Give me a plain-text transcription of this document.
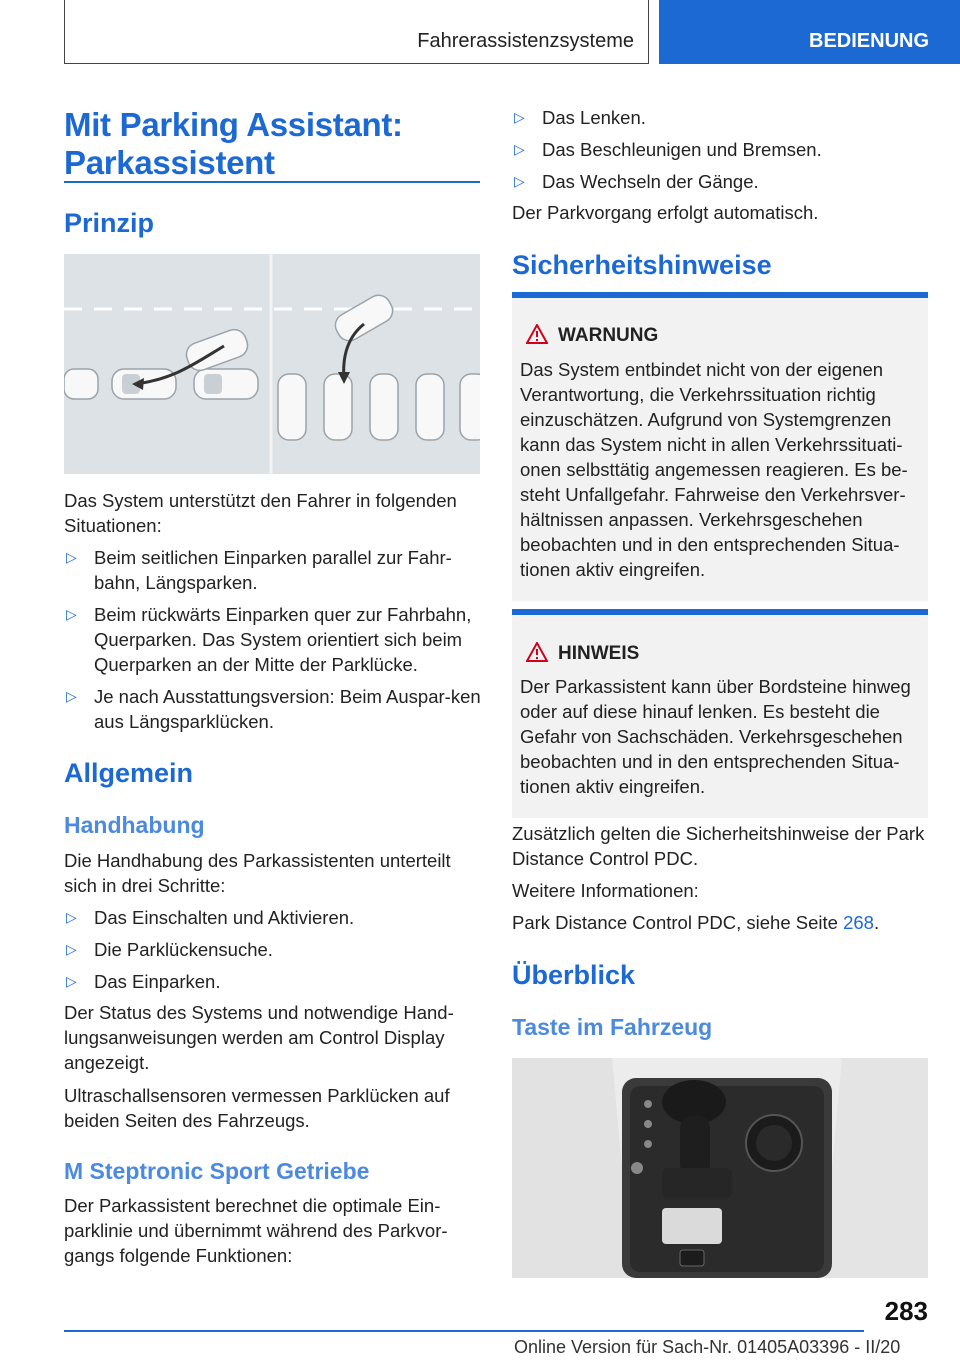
Fahrerassistenzsysteme	BEDIENUNG
Mit Parking Assistant:
Parkassistent
Prinzip

Das System unterstützt den Fahrer in folgenden Situationen:

▷ Beim seitlichen Einparken parallel zur Fahr-bahn, Längsparken.
▷ Beim rückwärts Einparken quer zur Fahrbahn, Querparken. Das System orientiert sich beim Querparken an der Mitte der Parklücke.
▷ Je nach Ausstattungsversion: Beim Auspar-ken aus Längsparklücken.
Allgemein
Handhabung

Die Handhabung des Parkassistenten unterteilt sich in drei Schritte:

▷ Das Einschalten und Aktivieren.
▷ Die Parklückensuche.
▷ Das Einparken.

Der Status des Systems und notwendige Hand-lungsanweisungen werden am Control Display angezeigt.

Ultraschallsensoren vermessen Parklücken auf beiden Seiten des Fahrzeugs.

M Steptronic Sport Getriebe

Der Parkassistent berechnet die optimale Ein-parklinie und übernimmt während des Parkvor-gangs folgende Funktionen:

▷ Das Lenken.
▷ Das Beschleunigen und Bremsen.
▷ Das Wechseln der Gänge.

Der Parkvorgang erfolgt automatisch.

Sicherheitshinweise
WARNUNG
Das System entbindet nicht von der eigenen Verantwortung, die Verkehrssituation richtig einzuschätzen. Aufgrund von Systemgrenzen kann das System nicht in allen Verkehrssituati-onen selbsttätig angemessen reagieren. Es be-steht Unfallgefahr. Fahrweise den Verkehrsver-hältnissen anpassen. Verkehrsgeschehen beobachten und in den entsprechenden Situa-tionen aktiv eingreifen.
HINWEIS
Der Parkassistent kann über Bordsteine hinweg oder auf diese hinauf lenken. Es besteht die Gefahr von Sachschäden. Verkehrsgeschehen beobachten und in den entsprechenden Situa-tionen aktiv eingreifen.

Zusätzlich gelten die Sicherheitshinweise der Park Distance Control PDC.

Weitere Informationen:

Park Distance Control PDC, siehe Seite 268.

Überblick
Taste im Fahrzeug
283
Online Version für Sach-Nr. 01405A03396 - II/20
